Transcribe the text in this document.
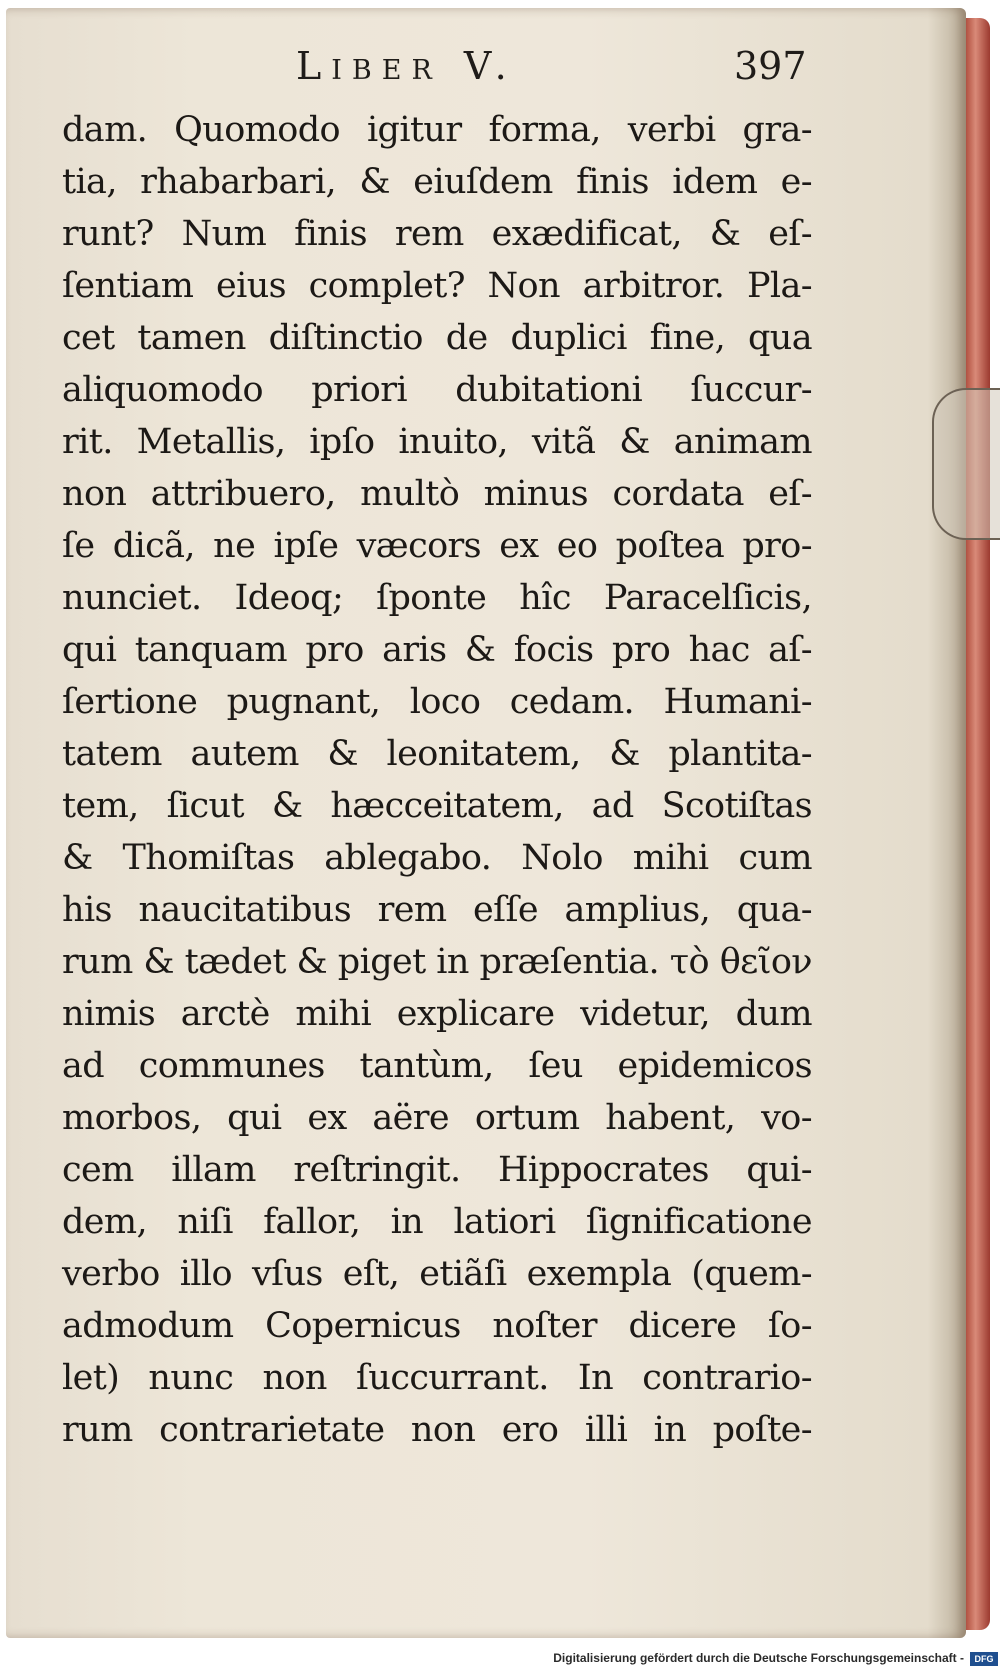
Liber V.	397
dam. Quomodo igitur forma, verbi gra-
tia, rhabarbari, & eiuſdem finis idem e-
runt? Num finis rem exædificat, & eſ-
ſentiam eius complet? Non arbitror. Pla-
cet tamen diſtinctio de duplici fine, qua
aliquomodo priori dubitationi ſuccur-
rit. Metallis, ipſo inuito, vitã & animam
non attribuero, multò minus cordata eſ-
ſe dicã, ne ipſe væcors ex eo poſtea pro-
nunciet. Ideoq; ſponte hîc Paracelſicis,
qui tanquam pro aris & focis pro hac aſ-
ſertione pugnant, loco cedam. Humani-
tatem autem & leonitatem, & plantita-
tem, ſicut & hæcceitatem, ad Scotiſtas
& Thomiſtas ablegabo. Nolo mihi cum
his naucitatibus rem eſſe amplius, qua-
rum & tædet & piget in præſentia. τὸ θεῖον
nimis arctè mihi explicare videtur, dum
ad communes tantùm, ſeu epidemicos
morbos, qui ex aëre ortum habent, vo-
cem illam reſtringit. Hippocrates qui-
dem, niſi fallor, in latiori ſignificatione
verbo illo vſus eſt, etiãſi exempla (quem-
admodum Copernicus noſter dicere ſo-
let) nunc non ſuccurrant. In contrario-
rum contrarietate non ero illi in poſte-
Digitalisierung gefördert durch die Deutsche Forschungsgemeinschaft -	DFG
